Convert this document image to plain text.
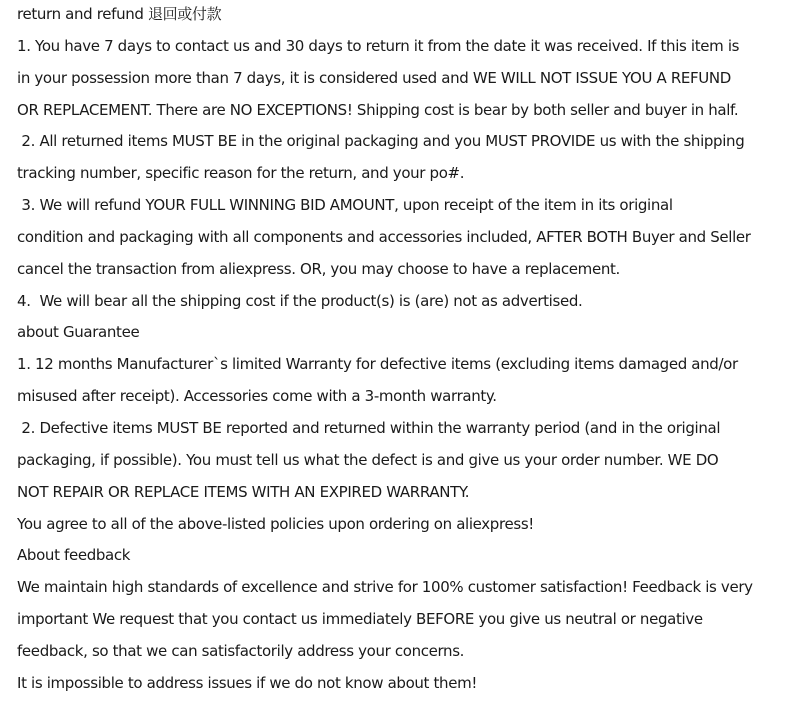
return and refund 退回或付款
1. You have 7 days to contact us and 30 days to return it from the date it was received. If this item is
in your possession more than 7 days, it is considered used and WE WILL NOT ISSUE YOU A REFUND
OR REPLACEMENT. There are NO EXCEPTIONS! Shipping cost is bear by both seller and buyer in half.
2. All returned items MUST BE in the original packaging and you MUST PROVIDE us with the shipping
tracking number, specific reason for the return, and your po#.
3. We will refund YOUR FULL WINNING BID AMOUNT, upon receipt of the item in its original
condition and packaging with all components and accessories included, AFTER BOTH Buyer and Seller
cancel the transaction from aliexpress. OR, you may choose to have a replacement.
4.  We will bear all the shipping cost if the product(s) is (are) not as advertised.
about Guarantee
1. 12 months Manufacturer`s limited Warranty for defective items (excluding items damaged and/or
misused after receipt). Accessories come with a 3-month warranty.
2. Defective items MUST BE reported and returned within the warranty period (and in the original
packaging, if possible). You must tell us what the defect is and give us your order number. WE DO
NOT REPAIR OR REPLACE ITEMS WITH AN EXPIRED WARRANTY.
You agree to all of the above-listed policies upon ordering on aliexpress!
About feedback
We maintain high standards of excellence and strive for 100% customer satisfaction! Feedback is very
important We request that you contact us immediately BEFORE you give us neutral or negative
feedback, so that we can satisfactorily address your concerns.
It is impossible to address issues if we do not know about them!
